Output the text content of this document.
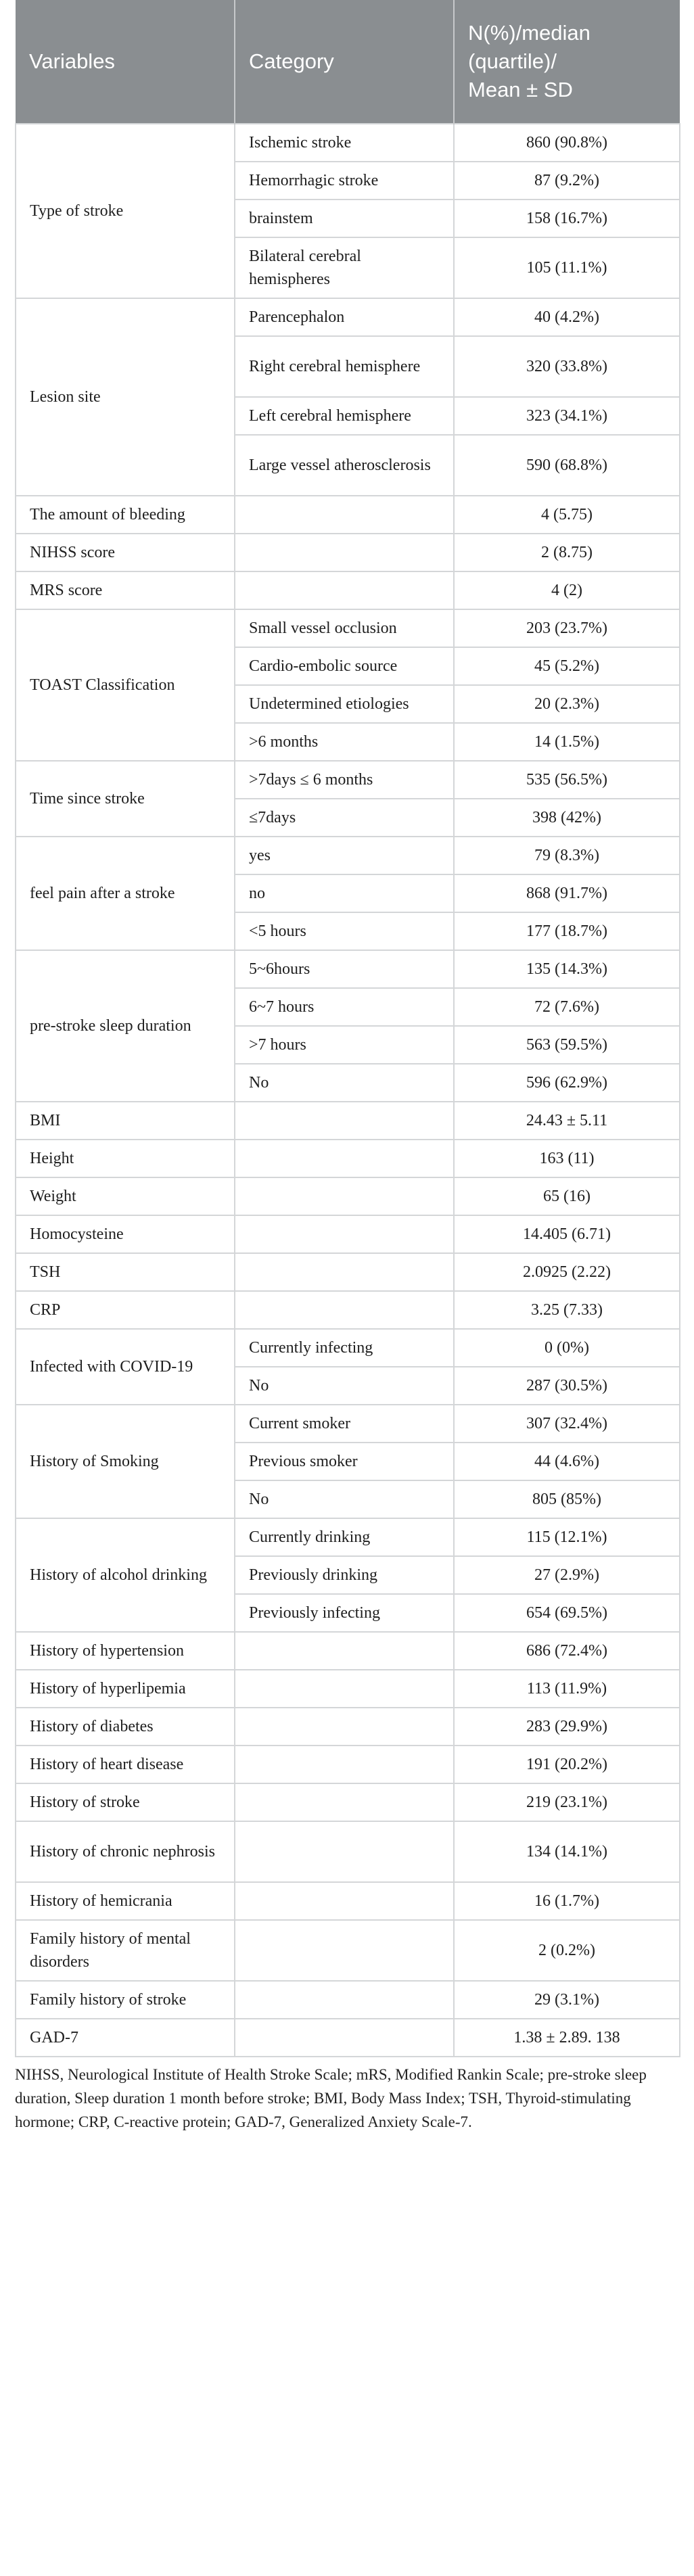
Variables	Category	N(%)/median
(quartile)/
Mean ± SD

Type of stroke	Ischemic stroke	860 (90.8%)
	Hemorrhagic stroke	87 (9.2%)
	brainstem	158 (16.7%)
	Bilateral cerebral hemispheres	105 (11.1%)
Lesion site	Parencephalon	40 (4.2%)
	Right cerebral hemisphere	320 (33.8%)
	Left cerebral hemisphere	323 (34.1%)
	Large vessel atherosclerosis	590 (68.8%)
The amount of bleeding		4 (5.75)
NIHSS score		2 (8.75)
MRS score		4 (2)
TOAST Classification	Small vessel occlusion	203 (23.7%)
	Cardio-embolic source	45 (5.2%)
	Undetermined etiologies	20 (2.3%)
	>6 months	14 (1.5%)
Time since stroke	>7days ≤ 6 months	535 (56.5%)
	≤7days	398 (42%)
feel pain after a stroke	yes	79 (8.3%)
	no	868 (91.7%)
	<5 hours	177 (18.7%)
pre-stroke sleep duration	5~6hours	135 (14.3%)
	6~7 hours	72 (7.6%)
	>7 hours	563 (59.5%)
	No	596 (62.9%)
BMI		24.43 ± 5.11
Height		163 (11)
Weight		65 (16)
Homocysteine		14.405 (6.71)
TSH		2.0925 (2.22)
CRP		3.25 (7.33)
Infected with COVID-19	Currently infecting	0 (0%)
	No	287 (30.5%)
History of Smoking	Current smoker	307 (32.4%)
	Previous smoker	44 (4.6%)
	No	805 (85%)
History of alcohol drinking	Currently drinking	115 (12.1%)
	Previously drinking	27 (2.9%)
	Previously infecting	654 (69.5%)
History of hypertension		686 (72.4%)
History of hyperlipemia		113 (11.9%)
History of diabetes		283 (29.9%)
History of heart disease		191 (20.2%)
History of stroke		219 (23.1%)
History of chronic nephrosis		134 (14.1%)
History of hemicrania		16 (1.7%)
Family history of mental disorders		2 (0.2%)
Family history of stroke		29 (3.1%)
GAD-7		1.38 ± 2.89. 138
NIHSS, Neurological Institute of Health Stroke Scale; mRS, Modified Rankin Scale; pre-stroke sleep duration, Sleep duration 1 month before stroke; BMI, Body Mass Index; TSH, Thyroid-stimulating hormone; CRP, C-reactive protein; GAD-7, Generalized Anxiety Scale-7.
